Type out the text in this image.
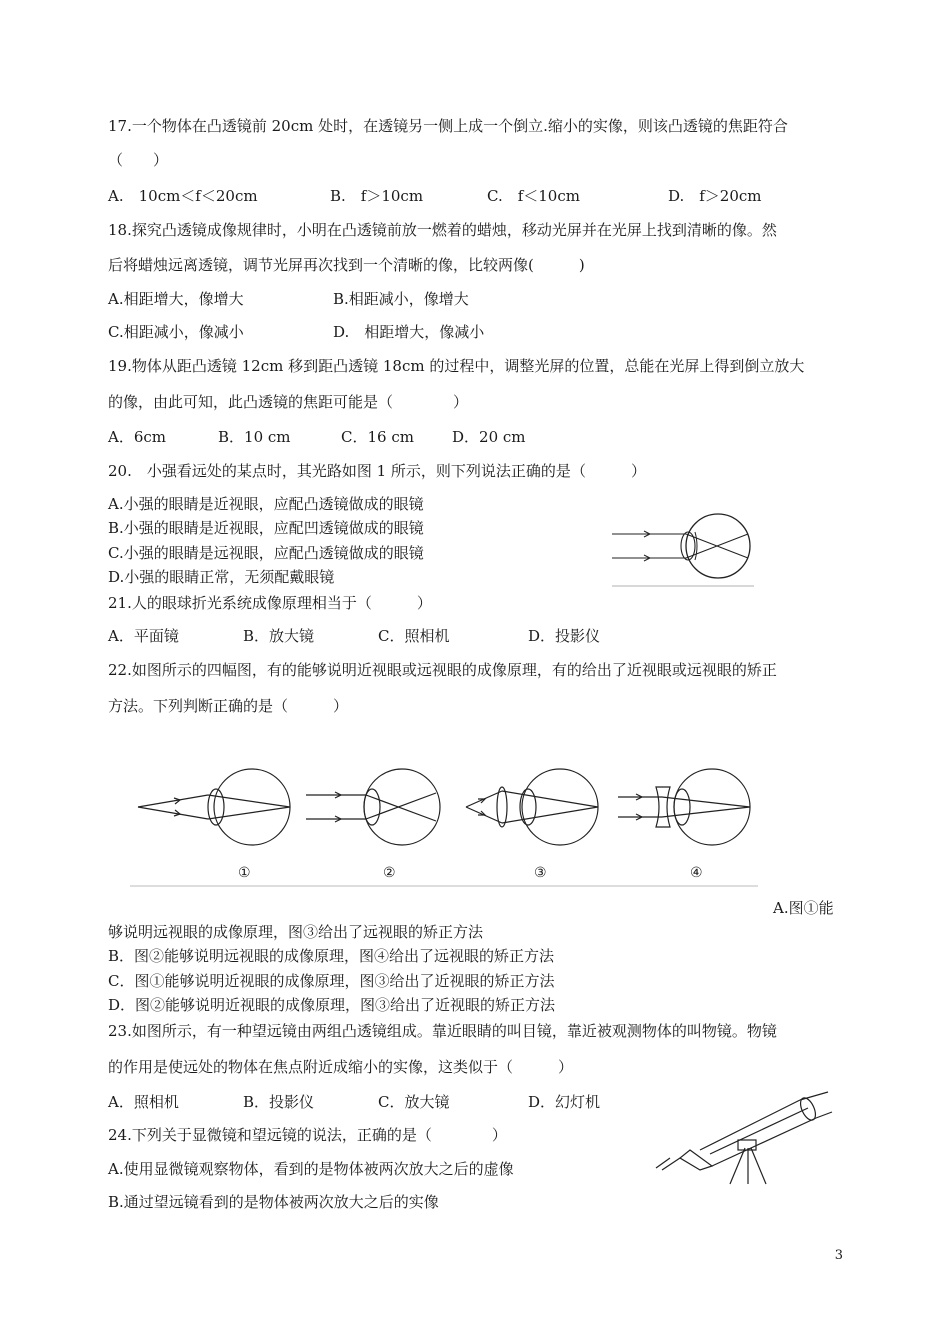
17.一个物体在凸透镜前 20cm 处时，在透镜另一侧上成一个倒立.缩小的实像，则该凸透镜的焦距符合
（　　）
A.　10cm＜f＜20cm	B.　f＞10cm	C.　f＜10cm	D.　f＞20cm
18.探究凸透镜成像规律时，小明在凸透镜前放一燃着的蜡烛，移动光屏并在光屏上找到清晰的像。然
后将蜡烛远离透镜，调节光屏再次找到一个清晰的像，比较两像(　　　)
A.相距增大，像增大	B.相距减小，像增大
C.相距减小，像减小	D.　相距增大，像减小
19.物体从距凸透镜 12cm 移到距凸透镜 18cm 的过程中，调整光屏的位置，总能在光屏上得到倒立放大
的像，由此可知，此凸透镜的焦距可能是（　　　　）
A．6cm	B．10 cm	C．16 cm	D．20 cm
20.　小强看远处的某点时，其光路如图 1 所示，则下列说法正确的是（　　　）
A.小强的眼睛是近视眼，应配凸透镜做成的眼镜
B.小强的眼睛是近视眼，应配凹透镜做成的眼镜
C.小强的眼睛是远视眼，应配凸透镜做成的眼镜
D.小强的眼睛正常，无须配戴眼镜
21.人的眼球折光系统成像原理相当于（　　　）
A．平面镜	B．放大镜	C．照相机	D．投影仪
22.如图所示的四幅图，有的能够说明近视眼或远视眼的成像原理，有的给出了近视眼或远视眼的矫正
方法。下列判断正确的是（　　　）
①	②	③	④
A.图①能
够说明远视眼的成像原理，图③给出了远视眼的矫正方法
B．图②能够说明远视眼的成像原理，图④给出了远视眼的矫正方法
C．图①能够说明近视眼的成像原理，图③给出了近视眼的矫正方法
D．图②能够说明近视眼的成像原理，图③给出了近视眼的矫正方法
23.如图所示，有一种望远镜由两组凸透镜组成。靠近眼睛的叫目镜，靠近被观测物体的叫物镜。物镜
的作用是使远处的物体在焦点附近成缩小的实像，这类似于（　　　）
A．照相机	B．投影仪	C．放大镜	D．幻灯机
24.下列关于显微镜和望远镜的说法，正确的是（　　　　）
A.使用显微镜观察物体，看到的是物体被两次放大之后的虚像
B.通过望远镜看到的是物体被两次放大之后的实像
3
